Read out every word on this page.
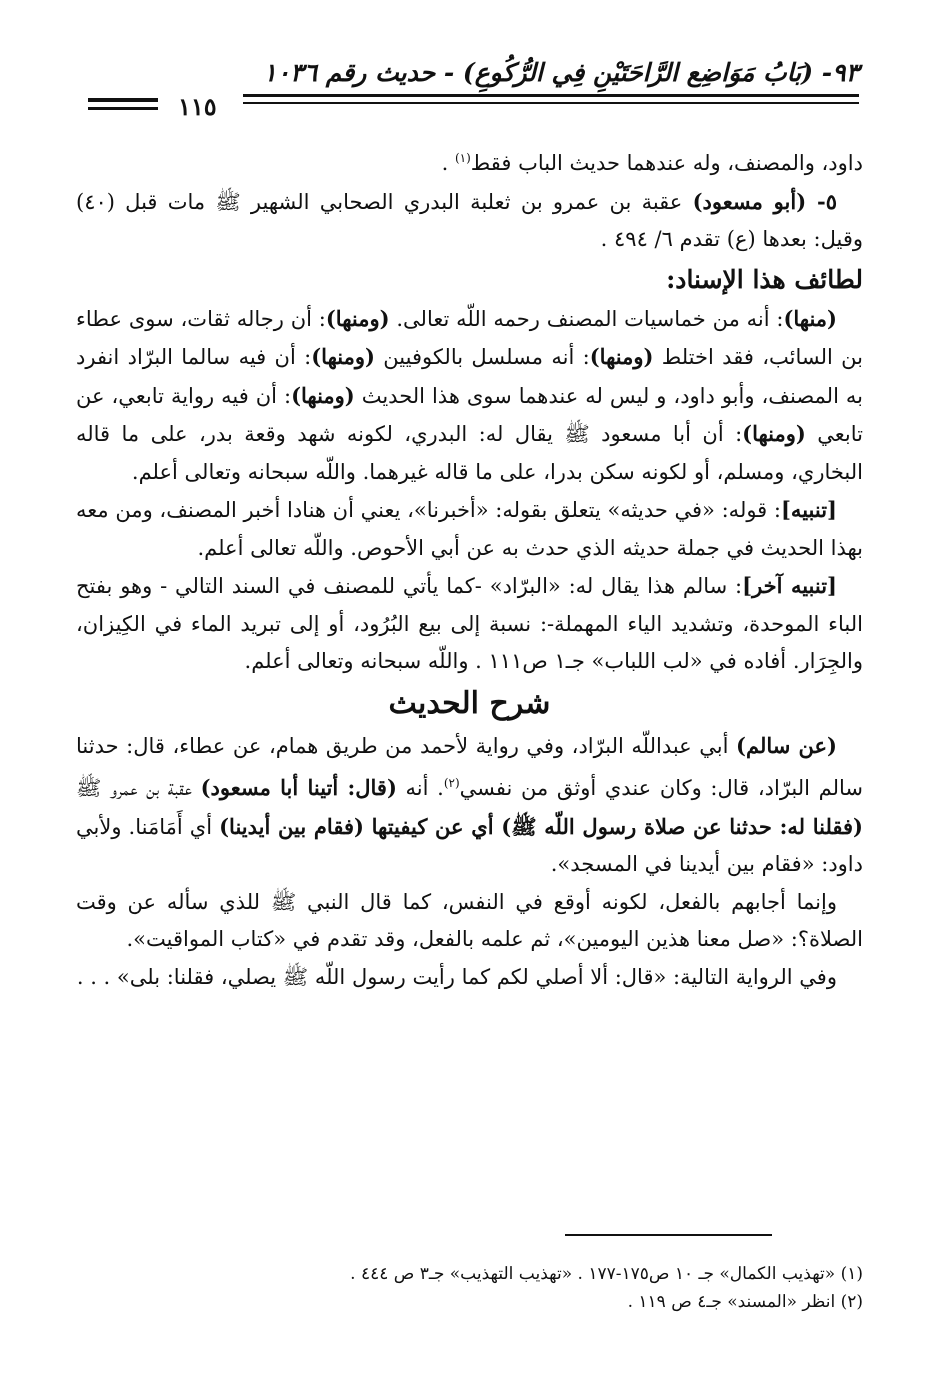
٩٣- (بَابُ مَوَاضِع الرَّاحَتَيْنِ فِي الرُّكُوعِ) - حديث رقم ١٠٣٦
١١٥

داود، والمصنف، وله عندهما حديث الباب فقط$^{(١)}$ .

٥- (أبو مسعود) عقبة بن عمرو بن ثعلبة البدري الصحابي الشهير ﷺ مات قبل (٤٠) وقيل: بعدها (ع) تقدم ٦/ ٤٩٤ .

لطائف هذا الإسناد:

(منها): أنه من خماسيات المصنف رحمه اللّه تعالى. (ومنها): أن رجاله ثقات، سوى عطاء بن السائب، فقد اختلط (ومنها): أنه مسلسل بالكوفيين (ومنها): أن فيه سالما البرّاد انفرد به المصنف، وأبو داود، و ليس له عندهما سوى هذا الحديث (ومنها): أن فيه رواية تابعي، عن تابعي (ومنها): أن أبا مسعود ﷺ يقال له: البدري، لكونه شهد وقعة بدر، على ما قاله البخاري، ومسلم، أو لكونه سكن بدرا، على ما قاله غيرهما. واللّه سبحانه وتعالى أعلم.

[تنبيه]: قوله: «في حديثه» يتعلق بقوله: «أخبرنا»، يعني أن هنادا أخبر المصنف، ومن معه بهذا الحديث في جملة حديثه الذي حدث به عن أبي الأحوص. واللّه تعالى أعلم.

[تنبيه آخر]: سالم هذا يقال له: «البرّاد» -كما يأتي للمصنف في السند التالي - وهو بفتح الباء الموحدة، وتشديد الياء المهملة-: نسبة إلى بيع البُرُود، أو إلى تبريد الماء في الكِيزان، والجِرَار. أفاده في «لب اللباب» جـ١ ص١١١ . واللّه سبحانه وتعالى أعلم.

شرح الحديث

(عن سالم) أبي عبداللّه البرّاد، وفي رواية لأحمد من طريق همام، عن عطاء، قال: حدثنا سالم البرّاد، قال: وكان عندي أوثق من نفسي$^{(٢)}$. أنه (قال: أتينا أبا مسعود) عقبة بن عمرو ﷺ (فقلنا له: حدثنا عن صلاة رسول اللّه ﷺ) أي عن كيفيتها (فقام بين أيدينا) أي أَمَامَنا. ولأبي داود: «فقام بين أيدينا في المسجد».

وإنما أجابهم بالفعل، لكونه أوقع في النفس، كما قال النبي ﷺ للذي سأله عن وقت الصلاة؟: «صل معنا هذين اليومين»، ثم علمه بالفعل، وقد تقدم في «كتاب المواقيت».

وفي الرواية التالية: «قال: ألا أصلي لكم كما رأيت رسول اللّه ﷺ يصلي، فقلنا: بلى» . . .

(١) «تهذيب الكمال» جـ ١٠ ص١٧٥-١٧٧ . «تهذيب التهذيب» جـ٣ ص ٤٤٤ .

(٢) انظر «المسند» جـ٤ ص ١١٩ .
